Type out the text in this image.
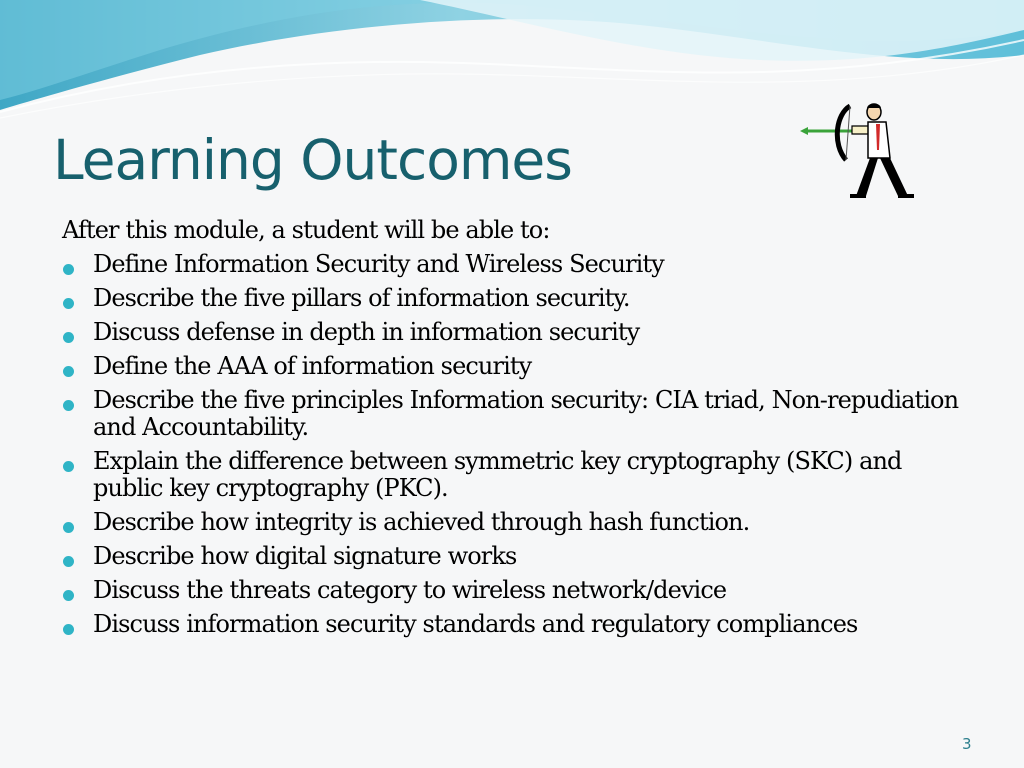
Learning Outcomes

After this module, a student will be able to:

Define Information Security and Wireless Security
Describe the five pillars of information security.
Discuss defense in depth in information security
Define the AAA of information security
Describe the five principles Information security: CIA triad, Non-repudiation and Accountability.
Explain the difference between symmetric key cryptography (SKC) and public key cryptography (PKC).
Describe how integrity is achieved through hash function.
Describe how digital signature works
Discuss the threats category to wireless network/device
Discuss information security standards and regulatory compliances
3
